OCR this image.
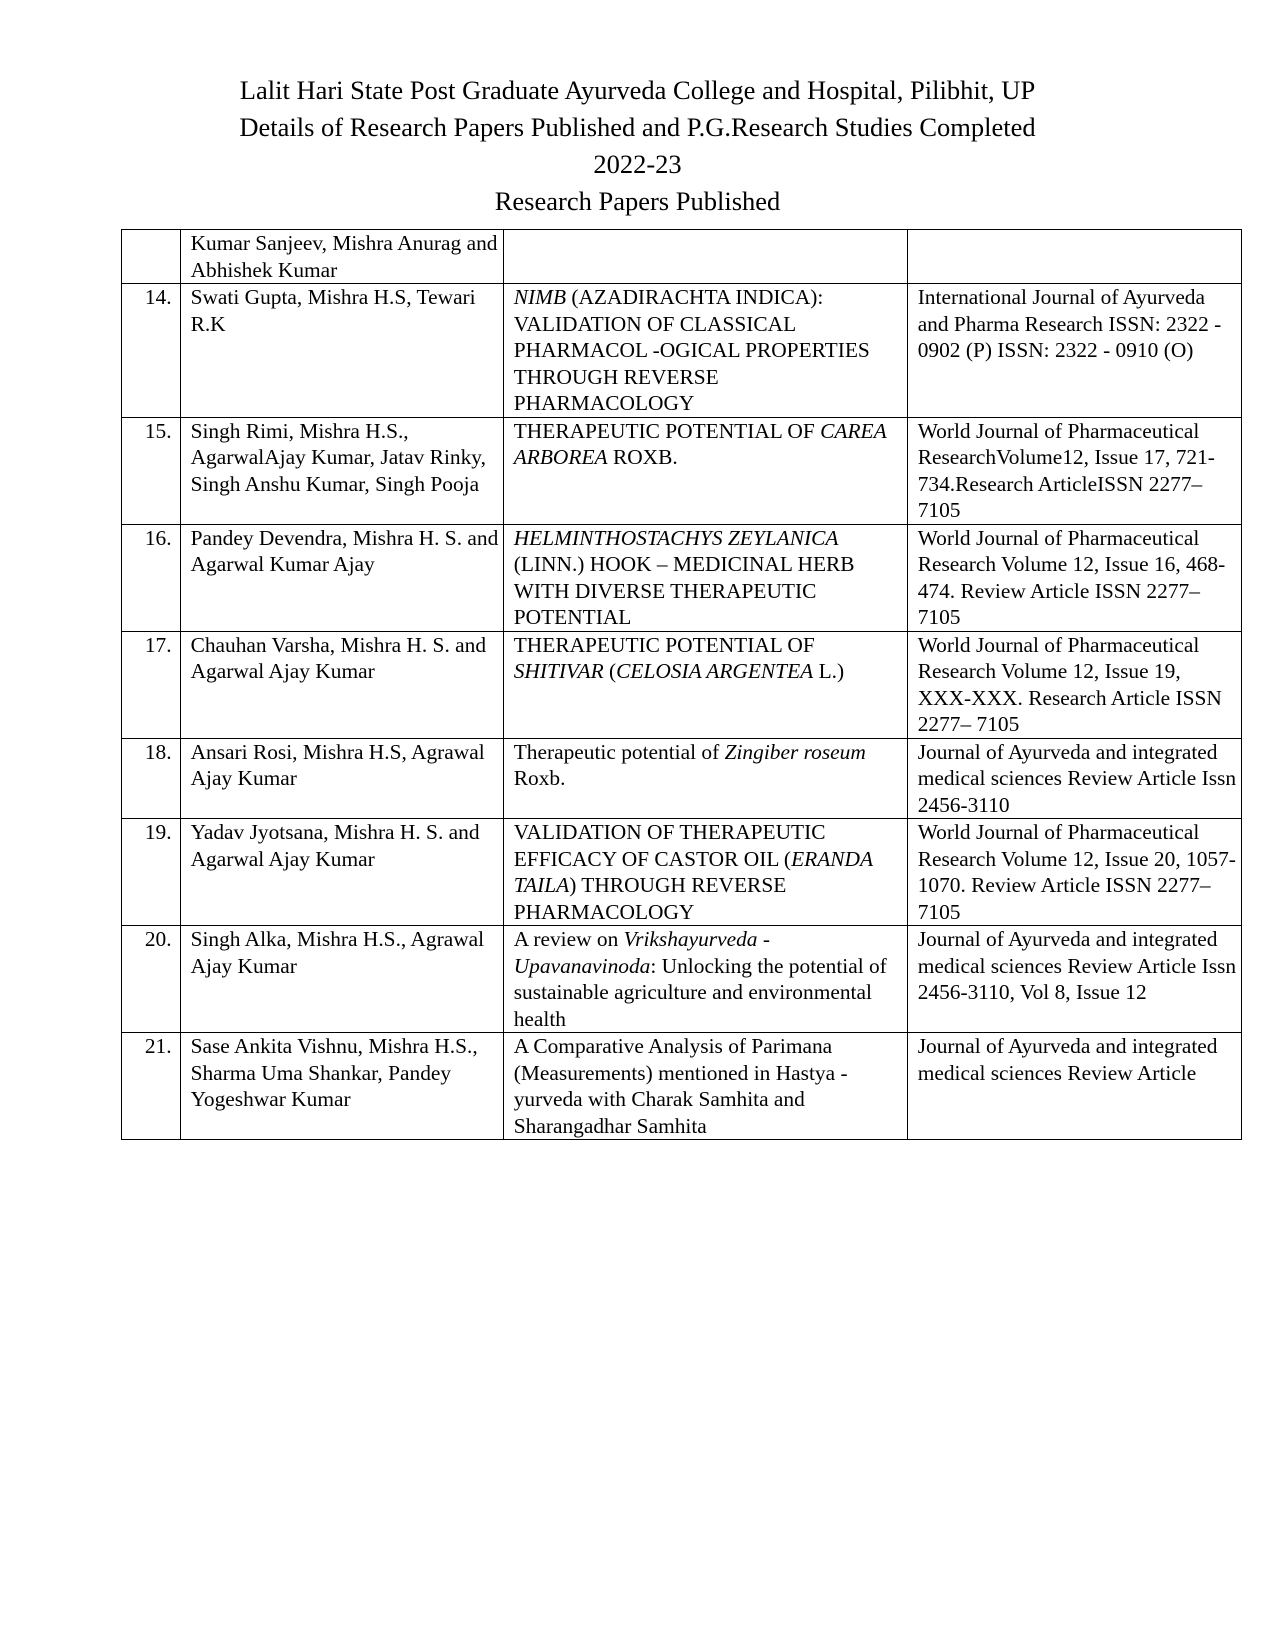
Lalit Hari State Post Graduate Ayurveda College and Hospital, Pilibhit, UP
Details of Research Papers Published and P.G.Research Studies Completed
2022-23
Research Papers Published
	Kumar Sanjeev, Mishra Anurag and Abhishek Kumar		
14.	Swati Gupta, Mishra H.S, Tewari R.K	NIMB (AZADIRACHTA INDICA): VALIDATION OF CLASSICAL PHARMACOL -OGICAL PROPERTIES THROUGH REVERSE PHARMACOLOGY	International Journal of Ayurveda and Pharma Research ISSN: 2322 - 0902 (P) ISSN: 2322 - 0910 (O)
15.	Singh Rimi, Mishra H.S., AgarwalAjay Kumar, Jatav Rinky, Singh Anshu Kumar, Singh Pooja	THERAPEUTIC POTENTIAL OF CAREA ARBOREA ROXB.	World Journal of Pharmaceutical ResearchVolume12, Issue 17, 721-734.Research ArticleISSN 2277–7105
16.	Pandey Devendra, Mishra H. S. and Agarwal Kumar Ajay	HELMINTHOSTACHYS ZEYLANICA (LINN.) HOOK – MEDICINAL HERB WITH DIVERSE THERAPEUTIC POTENTIAL	World Journal of Pharmaceutical Research Volume 12, Issue 16, 468-474. Review Article ISSN 2277– 7105
17.	Chauhan Varsha, Mishra H. S. and Agarwal Ajay Kumar	THERAPEUTIC POTENTIAL OF SHITIVAR (CELOSIA ARGENTEA L.)	World Journal of Pharmaceutical Research Volume 12, Issue 19, XXX-XXX. Research Article ISSN 2277– 7105
18.	Ansari Rosi, Mishra H.S, Agrawal Ajay Kumar	Therapeutic potential of Zingiber roseum Roxb.	Journal of Ayurveda and integrated medical sciences Review Article Issn 2456-3110
19.	Yadav Jyotsana, Mishra H. S. and Agarwal Ajay Kumar	VALIDATION OF THERAPEUTIC EFFICACY OF CASTOR OIL (ERANDA TAILA) THROUGH REVERSE PHARMACOLOGY	World Journal of Pharmaceutical Research Volume 12, Issue 20, 1057-1070. Review Article ISSN 2277– 7105
20.	Singh Alka, Mishra H.S., Agrawal Ajay Kumar	A review on Vrikshayurveda - Upavanavinoda: Unlocking the potential of sustainable agriculture and environmental health	Journal of Ayurveda and integrated medical sciences Review Article Issn 2456-3110, Vol 8, Issue 12
21.	Sase Ankita Vishnu, Mishra H.S., Sharma Uma Shankar, Pandey Yogeshwar Kumar	A Comparative Analysis of Parimana (Measurements) mentioned in Hastya - yurveda with Charak Samhita and Sharangadhar Samhita	Journal of Ayurveda and integrated medical sciences Review Article
